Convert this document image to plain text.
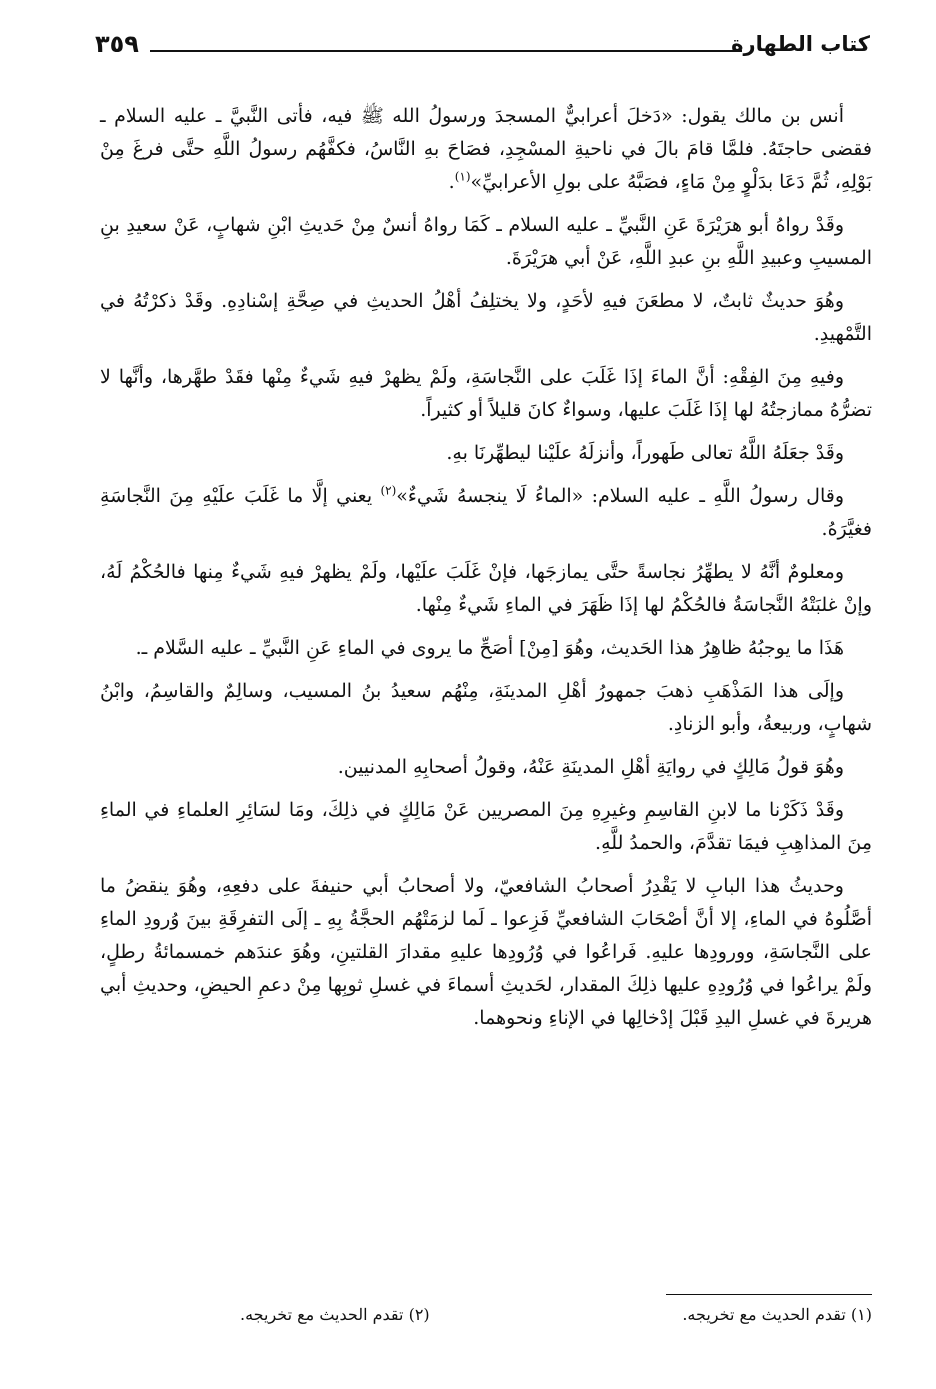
كتاب الطهارة
٣٥٩

أنس بن مالك يقول: «دَخلَ أعرابيٌّ المسجدَ ورسولُ الله ﷺ فيه، فأتى النَّبيَّ ـ عليه السلام ـ فقضى حاجتَهُ. فلمَّا قامَ بالَ في ناحيةِ المسْجِدِ، فصَاحَ بهِ النَّاسُ، فكفَّهُم رسولُ اللَّهِ حتَّى فرغَ مِنْ بَوْلِهِ، ثُمَّ دَعَا بدَلْوٍ مِنْ مَاءٍ، فصَبَّهُ على بولِ الأعرابيِّ»$^{(١)}$.

وقَدْ رواهُ أبو هرَيْرَةَ عَنِ النَّبيِّ ـ عليه السلام ـ كَمَا رواهُ أنسٌ مِنْ حَديثِ ابْنِ شهابٍ، عَنْ سعيدِ بنِ المسيبِ وعبيدِ اللَّهِ بنِ عبدِ اللَّهِ، عَنْ أبي هرَيْرَةَ.

وهُوَ حديثٌ ثابتٌ، لا مطعَنَ فيهِ لأحَدٍ، ولا يختلِفُ أهْلُ الحديثِ في صِحَّةِ إسْنادِهِ. وقَدْ ذكرْتُهُ في التَّمْهيدِ.

وفيهِ مِنَ الفِقْهِ: أنَّ الماءَ إذَا غَلَبَ على النَّجاسَةِ، ولَمْ يظهرْ فيهِ شَيءٌ مِنْها فقَدْ طهَّرها، وأنَّها لا تضرُّهُ ممازجتُهُ لها إذَا غَلَبَ عليها، وسواءٌ كانَ قليلاً أو كثيراً.

وقَدْ جعَلَهُ اللَّهُ تعالى طَهوراً، وأنزلَهُ علَيْنا ليطهِّرنَا بهِ.

وقال رسولُ اللَّهِ ـ عليه السلام: «الماءُ لَا ينجسهُ شَيءٌ»$^{(٢)}$ يعني إلَّا ما غَلَبَ علَيْهِ مِنَ النَّجاسَةِ فغيَّرَهُ.

ومعلومٌ أنَّهُ لا يطهِّرُ نجاسةً حتَّى يمازجَها، فإنْ غَلَبَ علَيْها، ولَمْ يظهرْ فيهِ شَيءٌ مِنها فالحُكْمُ لَهُ، وإنْ غلبَتْهُ النَّجاسَةُ فالحُكْمُ لها إذَا ظَهَرَ في الماءِ شَيءٌ مِنْها.

هَذَا ما يوجبُهُ ظاهِرُ هذا الحَديث، وهُوَ [مِنْ] أصَحِّ ما يروى في الماءِ عَنِ النَّبيِّ ـ عليه السَّلام ـ.

وإلَى هذا المَذْهَبِ ذهبَ جمهورُ أهْلِ المدينَةِ، مِنْهُم سعيدُ بنُ المسيب، وسالِمٌ والقاسِمُ، وابْنُ شهابٍ، وربيعةُ، وأبو الزنادِ.

وهُوَ قولُ مَالِكٍ في روايَةِ أهْلِ المدينَةِ عَنْهُ، وقولُ أصحابِهِ المدنيين.

وقَدْ ذَكَرْنا ما لابنِ القاسِمِ وغيرِهِ مِنَ المصريين عَنْ مَالِكٍ في ذلِكَ، ومَا لسَائِرِ العلماءِ في الماءِ مِنَ المذاهِبِ فيمَا تقدَّمَ، والحمدُ للَّهِ.

وحديثُ هذا البابِ لا يَقْدِرُ أصحابُ الشافعيّ، ولا أصحابُ أبي حنيفةَ على دفعِهِ، وهُوَ ينقضُ ما أصَّلُوهُ في الماءِ، إلا أنَّ أصْحَابَ الشافعيِّ فَزِعوا ـ لَما لزمَتْهُم الحجَّةُ بِهِ ـ إلَى التفرِقَةِ بينَ وُرودِ الماءِ على النَّجاسَةِ، وورودِها عليهِ. فَراعُوا في وُرُودِها عليهِ مقدارَ القلتينِ، وهُوَ عندَهم خمسمائةُ رطلٍ، ولَمْ يراعُوا في وُرُودِهِ عليها ذلِكَ المقدار، لحَديثِ أسماءَ في غسلِ ثوبِها مِنْ دعمِ الحيضِ، وحديثِ أبي هريرةَ في غسلِ اليدِ قَبْلَ إدْخالِها في الإناءِ ونحوهما.

(١) تقدم الحديث مع تخريجه.
(٢) تقدم الحديث مع تخريجه.
